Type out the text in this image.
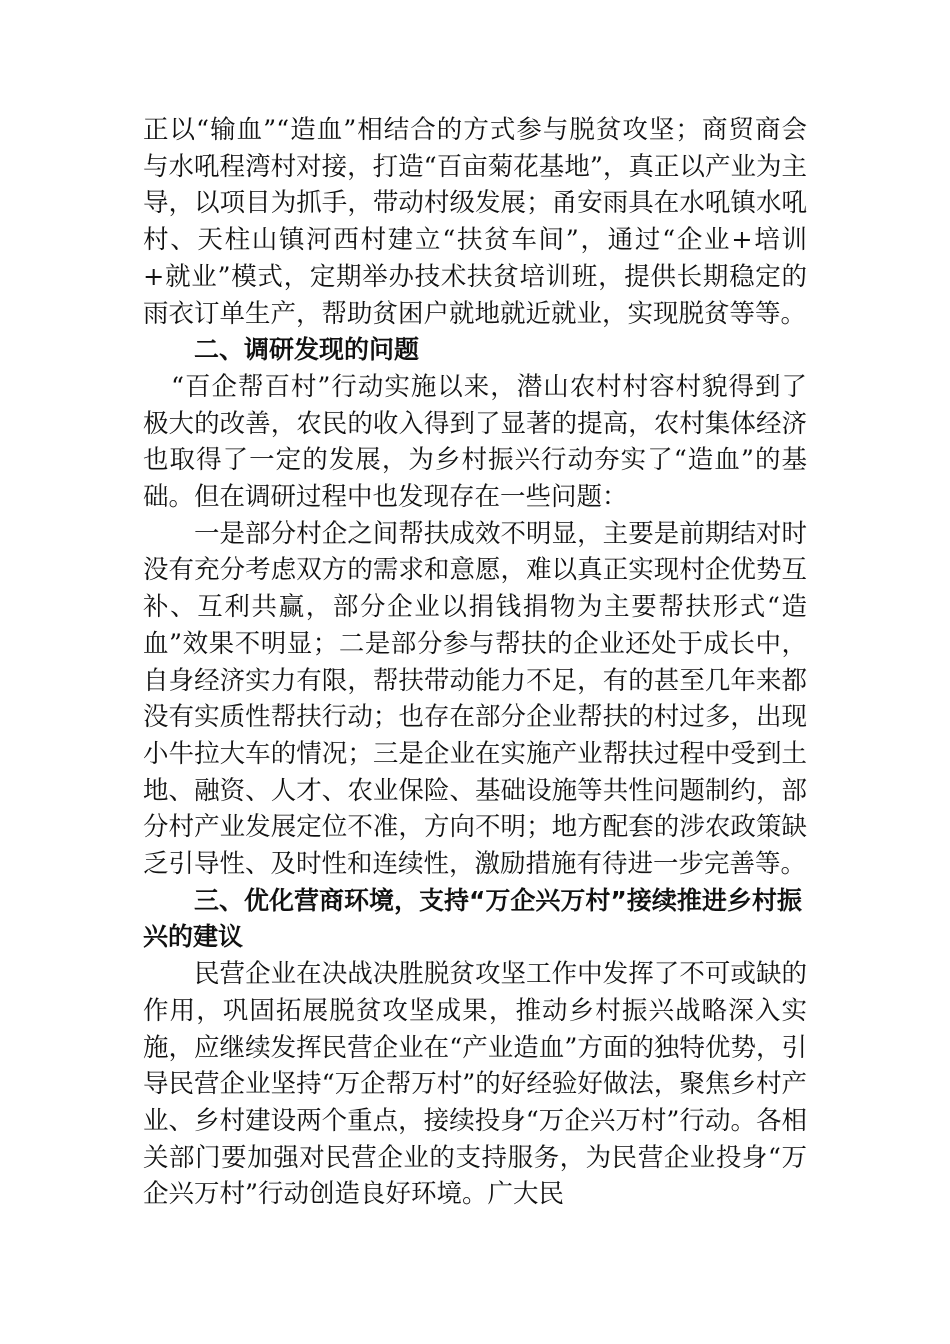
正以“输血”“造血”相结合的方式参与脱贫攻坚；商贸商会与水吼程湾村对接，打造“百亩菊花基地”，真正以产业为主导，以项目为抓手，带动村级发展；甬安雨具在水吼镇水吼村、天柱山镇河西村建立“扶贫车间”，通过“企业+培训+就业”模式，定期举办技术扶贫培训班，提供长期稳定的雨衣订单生产，帮助贫困户就地就近就业，实现脱贫等等。

二、调研发现的问题

“百企帮百村”行动实施以来，潜山农村村容村貌得到了极大的改善，农民的收入得到了显著的提高，农村集体经济也取得了一定的发展，为乡村振兴行动夯实了“造血”的基础。但在调研过程中也发现存在一些问题：

一是部分村企之间帮扶成效不明显，主要是前期结对时没有充分考虑双方的需求和意愿，难以真正实现村企优势互补、互利共赢，部分企业以捐钱捐物为主要帮扶形式“造血”效果不明显；二是部分参与帮扶的企业还处于成长中，自身经济实力有限，帮扶带动能力不足，有的甚至几年来都没有实质性帮扶行动；也存在部分企业帮扶的村过多，出现小牛拉大车的情况；三是企业在实施产业帮扶过程中受到土地、融资、人才、农业保险、基础设施等共性问题制约，部分村产业发展定位不准，方向不明；地方配套的涉农政策缺乏引导性、及时性和连续性，激励措施有待进一步完善等。

三、优化营商环境，支持“万企兴万村”接续推进乡村振兴的建议

民营企业在决战决胜脱贫攻坚工作中发挥了不可或缺的作用，巩固拓展脱贫攻坚成果，推动乡村振兴战略深入实施，应继续发挥民营企业在“产业造血”方面的独特优势，引导民营企业坚持“万企帮万村”的好经验好做法，聚焦乡村产业、乡村建设两个重点，接续投身“万企兴万村”行动。各相关部门要加强对民营企业的支持服务，为民营企业投身“万企兴万村”行动创造良好环境。广大民
